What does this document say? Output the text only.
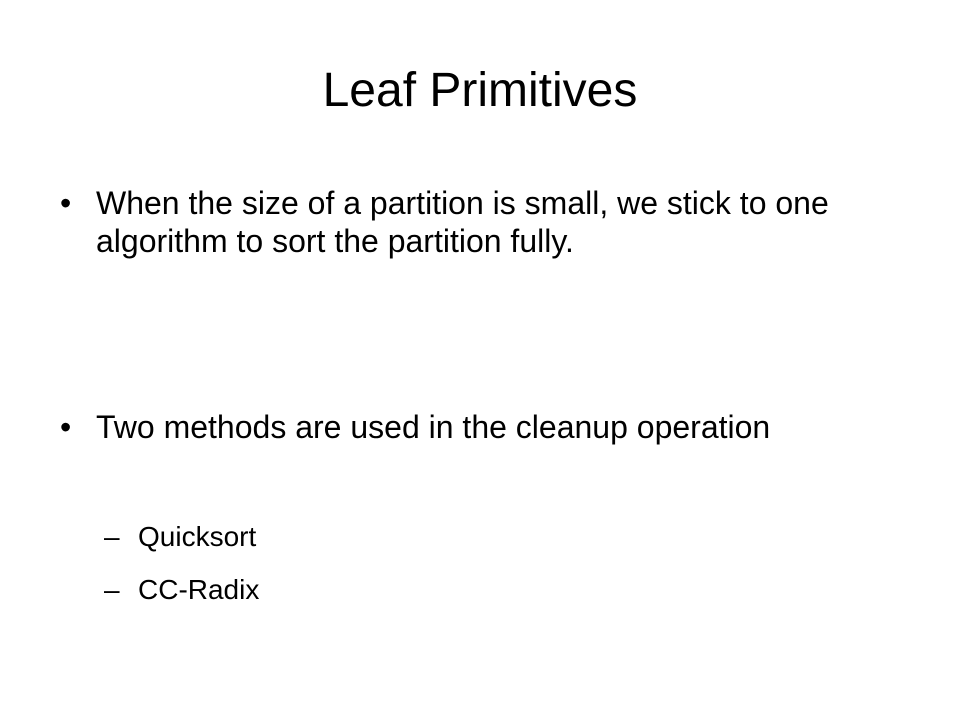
Leaf Primitives
• When the size of a partition is small, we stick to one algorithm to sort the partition fully.
• Two methods are used in the cleanup operation
– Quicksort
– CC-Radix
